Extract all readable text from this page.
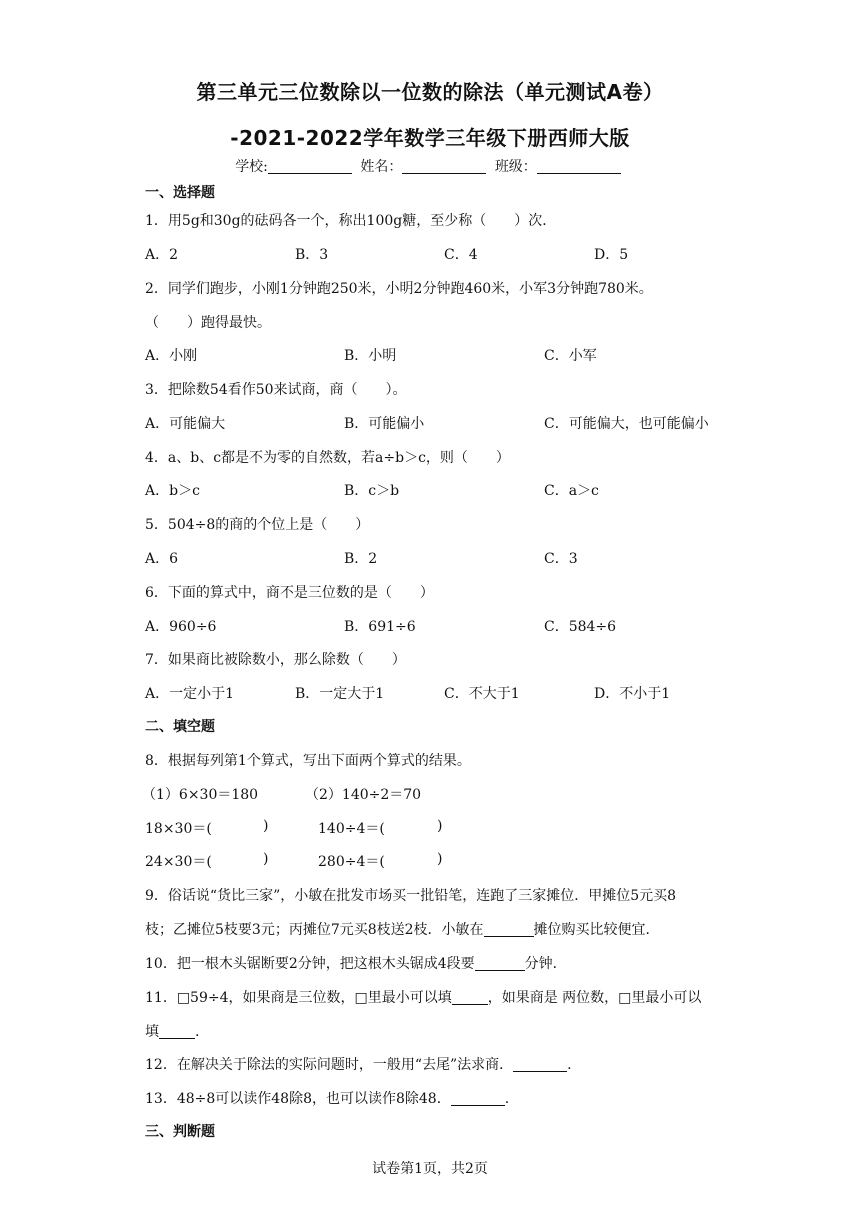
第三单元三位数除以一位数的除法（单元测试A卷）
-2021-2022学年数学三年级下册西师大版
学校:	姓名：	班级：
一、选择题
1．用5g和30g的砝码各一个，称出100g糖，至少称（　　）次．
A．2	B．3	C．4	D．5
2．同学们跑步，小刚1分钟跑250米，小明2分钟跑460米，小军3分钟跑780米。
（　　）跑得最快。
A．小刚	B．小明	C．小军
3．把除数54看作50来试商，商（　　）。
A．可能偏大	B．可能偏小	C．可能偏大，也可能偏小
4．a、b、c都是不为零的自然数，若a÷b＞c，则（　　）
A．b＞c	B．c＞b	C．a＞c
5．504÷8的商的个位上是（　　）
A．6	B．2	C．3
6．下面的算式中，商不是三位数的是（　　）
A．960÷6	B．691÷6	C．584÷6
7．如果商比被除数小，那么除数（　　）
A．一定小于1	B．一定大于1	C．不大于1	D．不小于1
二、填空题
8．根据每列第1个算式，写出下面两个算式的结果。
（1）6×30＝180	（2）140÷2＝70
18×30＝(	)	140÷4＝(	)
24×30＝(	)	280÷4＝(	)
9．俗话说“货比三家”，小敏在批发市场买一批铅笔，连跑了三家摊位．甲摊位5元买8
枝；乙摊位5枝要3元；丙摊位7元买8枝送2枝．小敏在	摊位购买比较便宜．
10．把一根木头锯断要2分钟，把这根木头锯成4段要	分钟．
11．□59÷4，如果商是三位数，□里最小可以填	，如果商是 两位数，□里最小可以
填	.
12．在解决关于除法的实际问题时，一般用“去尾”法求商．	.
13．48÷8可以读作48除8，也可以读作8除48．	.
三、判断题
试卷第1页，共2页
